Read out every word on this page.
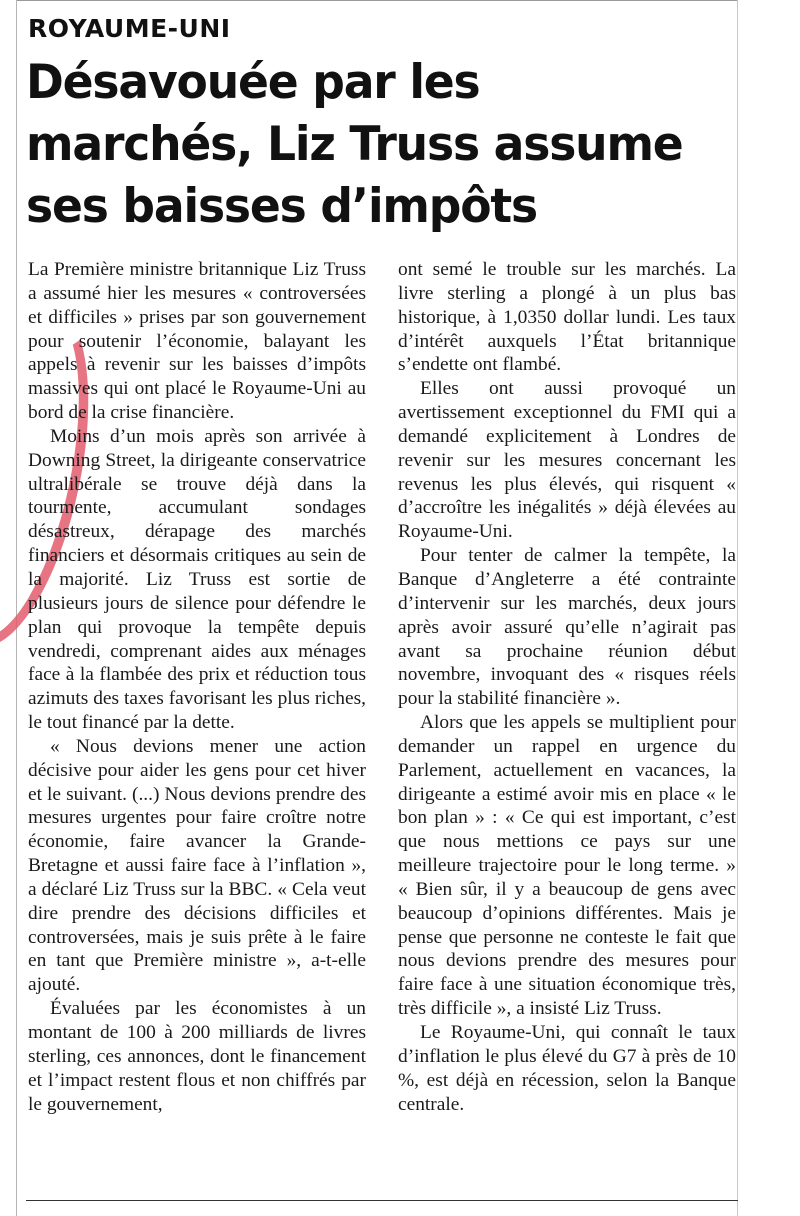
ROYAUME-UNI
Désavouée par les marchés, Liz Truss assume ses baisses d’impôts

La Première ministre britannique Liz Truss a assumé hier les mesures « controversées et difficiles » prises par son gouvernement pour soutenir l’économie, balayant les appels à revenir sur les baisses d’impôts massives qui ont placé le Royaume-Uni au bord de la crise financière.

Moins d’un mois après son arrivée à Downing Street, la dirigeante conservatrice ultralibérale se trouve déjà dans la tourmente, accumulant sondages désastreux, dérapage des marchés financiers et désormais critiques au sein de la majorité. Liz Truss est sortie de plusieurs jours de silence pour défendre le plan qui provoque la tempête depuis vendredi, comprenant aides aux ménages face à la flambée des prix et réduction tous azimuts des taxes favorisant les plus riches, le tout financé par la dette.

« Nous devions mener une action décisive pour aider les gens pour cet hiver et le suivant. (...) Nous devions prendre des mesures urgentes pour faire croître notre économie, faire avancer la Grande-Bretagne et aussi faire face à l’inflation », a déclaré Liz Truss sur la BBC. « Cela veut dire prendre des décisions difficiles et controversées, mais je suis prête à le faire en tant que Première ministre », a-t-elle ajouté.

Évaluées par les économistes à un montant de 100 à 200 milliards de livres sterling, ces annonces, dont le financement et l’impact restent flous et non chiffrés par le gouvernement,

ont semé le trouble sur les marchés. La livre sterling a plongé à un plus bas historique, à 1,0350 dollar lundi. Les taux d’intérêt auxquels l’État britannique s’endette ont flambé.

Elles ont aussi provoqué un avertissement exceptionnel du FMI qui a demandé explicitement à Londres de revenir sur les mesures concernant les revenus les plus élevés, qui risquent « d’accroître les inégalités » déjà élevées au Royaume-Uni.

Pour tenter de calmer la tempête, la Banque d’Angleterre a été contrainte d’intervenir sur les marchés, deux jours après avoir assuré qu’elle n’agirait pas avant sa prochaine réunion début novembre, invoquant des « risques réels pour la stabilité financière ».

Alors que les appels se multiplient pour demander un rappel en urgence du Parlement, actuellement en vacances, la dirigeante a estimé avoir mis en place « le bon plan » : « Ce qui est important, c’est que nous mettions ce pays sur une meilleure trajectoire pour le long terme. » « Bien sûr, il y a beaucoup de gens avec beaucoup d’opinions différentes. Mais je pense que personne ne conteste le fait que nous devions prendre des mesures pour faire face à une situation économique très, très difficile », a insisté Liz Truss.

Le Royaume-Uni, qui connaît le taux d’inflation le plus élevé du G7 à près de 10 %, est déjà en récession, selon la Banque centrale.
